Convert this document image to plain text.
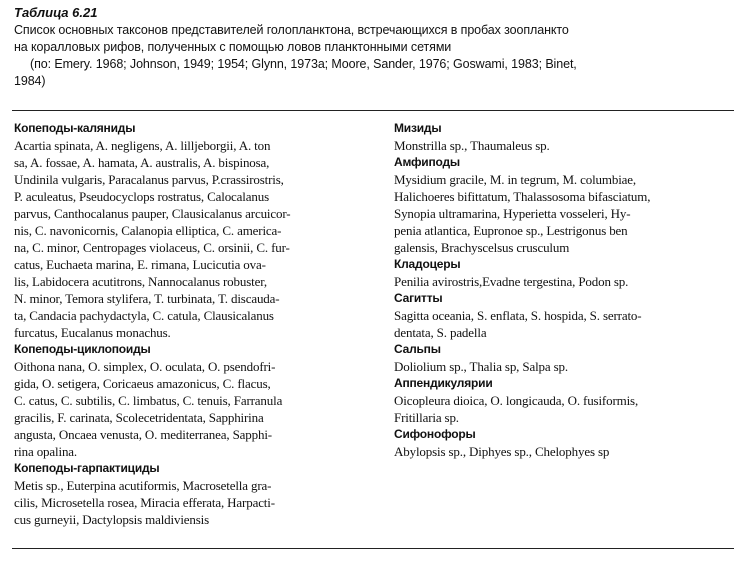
Таблица 6.21
Список основных таксонов представителей голопланктона, встречающихся в пробах зоопланкто
на коралловых рифов, полученных с помощью ловов планктонными сетями
(по: Emery. 1968; Johnson, 1949; 1954; Glynn, 1973a; Moore, Sander, 1976; Goswami, 1983; Binet,
1984)
Копеподы-каляниды
Acartia spinata, A. negligens, A. lilljeborgii, A. ton
sa, A. fossae, A. hamata, A. australis, A. bispinosa,
Undinila vulgaris, Paracalanus parvus, P.crassirostris,
P. aculeatus, Pseudocyclops rostratus, Calocalanus
parvus, Canthocalanus pauper, Clausicalanus arcuicor-
nis, C. navonicornis, Calanopia elliptica, C. america-
na, C. minor, Centropages violaceus, C. orsinii, C. fur-
catus, Euchaeta marina, E. rimana, Lucicutia ova-
lis, Labidocera acutitrons, Nannocalanus robuster,
N. minor, Temora stylifera, T. turbinata, T. discauda-
ta, Candacia pachydactyla, C. catula, Clausicalanus
furcatus, Eucalanus monachus.
Копеподы-циклопоиды
Oithona nana, O. simplex, O. oculata, O. psendofri-
gida, O. setigera, Coricaeus amazonicus, C. flacus,
C. catus, C. subtilis, C. limbatus, C. tenuis, Farranula
gracilis, F. carinata, Scolecetridentata, Sapphirina
angusta, Oncaea venusta, O. mediterranea, Sapphi-
rina opalina.
Копеподы-гарпактициды
Metis sp., Euterpina acutiformis, Macrosetella gra-
cilis, Microsetella rosea, Miracia efferata, Harpacti-
cus gurneyii, Dactylopsis maldiviensis
Мизиды
Monstrilla sp., Thaumaleus sp.
Амфиподы
Mysidium gracile, M. in tegrum, M. columbiae,
Halichoeres bifittatum, Thalassosoma bifasciatum,
Synopia ultramarina, Hyperietta vosseleri, Hy-
penia atlantica, Eupronoe sp., Lestrigonus ben
galensis, Brachyscelsus crusculum
Кладоцеры
Penilia avirostris,Evadne tergestina, Podon sp.
Сагитты
Sagitta oceania, S. enflata, S. hospida, S. serrato-
dentata, S. padella
Сальпы
Doliolium sp., Thalia sp, Salpa sp.
Аппендикулярии
Oicopleura dioica, O. longicauda, O. fusiformis,
Fritillaria sp.
Сифонофоры
Abylopsis sp., Diphyes sp., Chelophyes sp
